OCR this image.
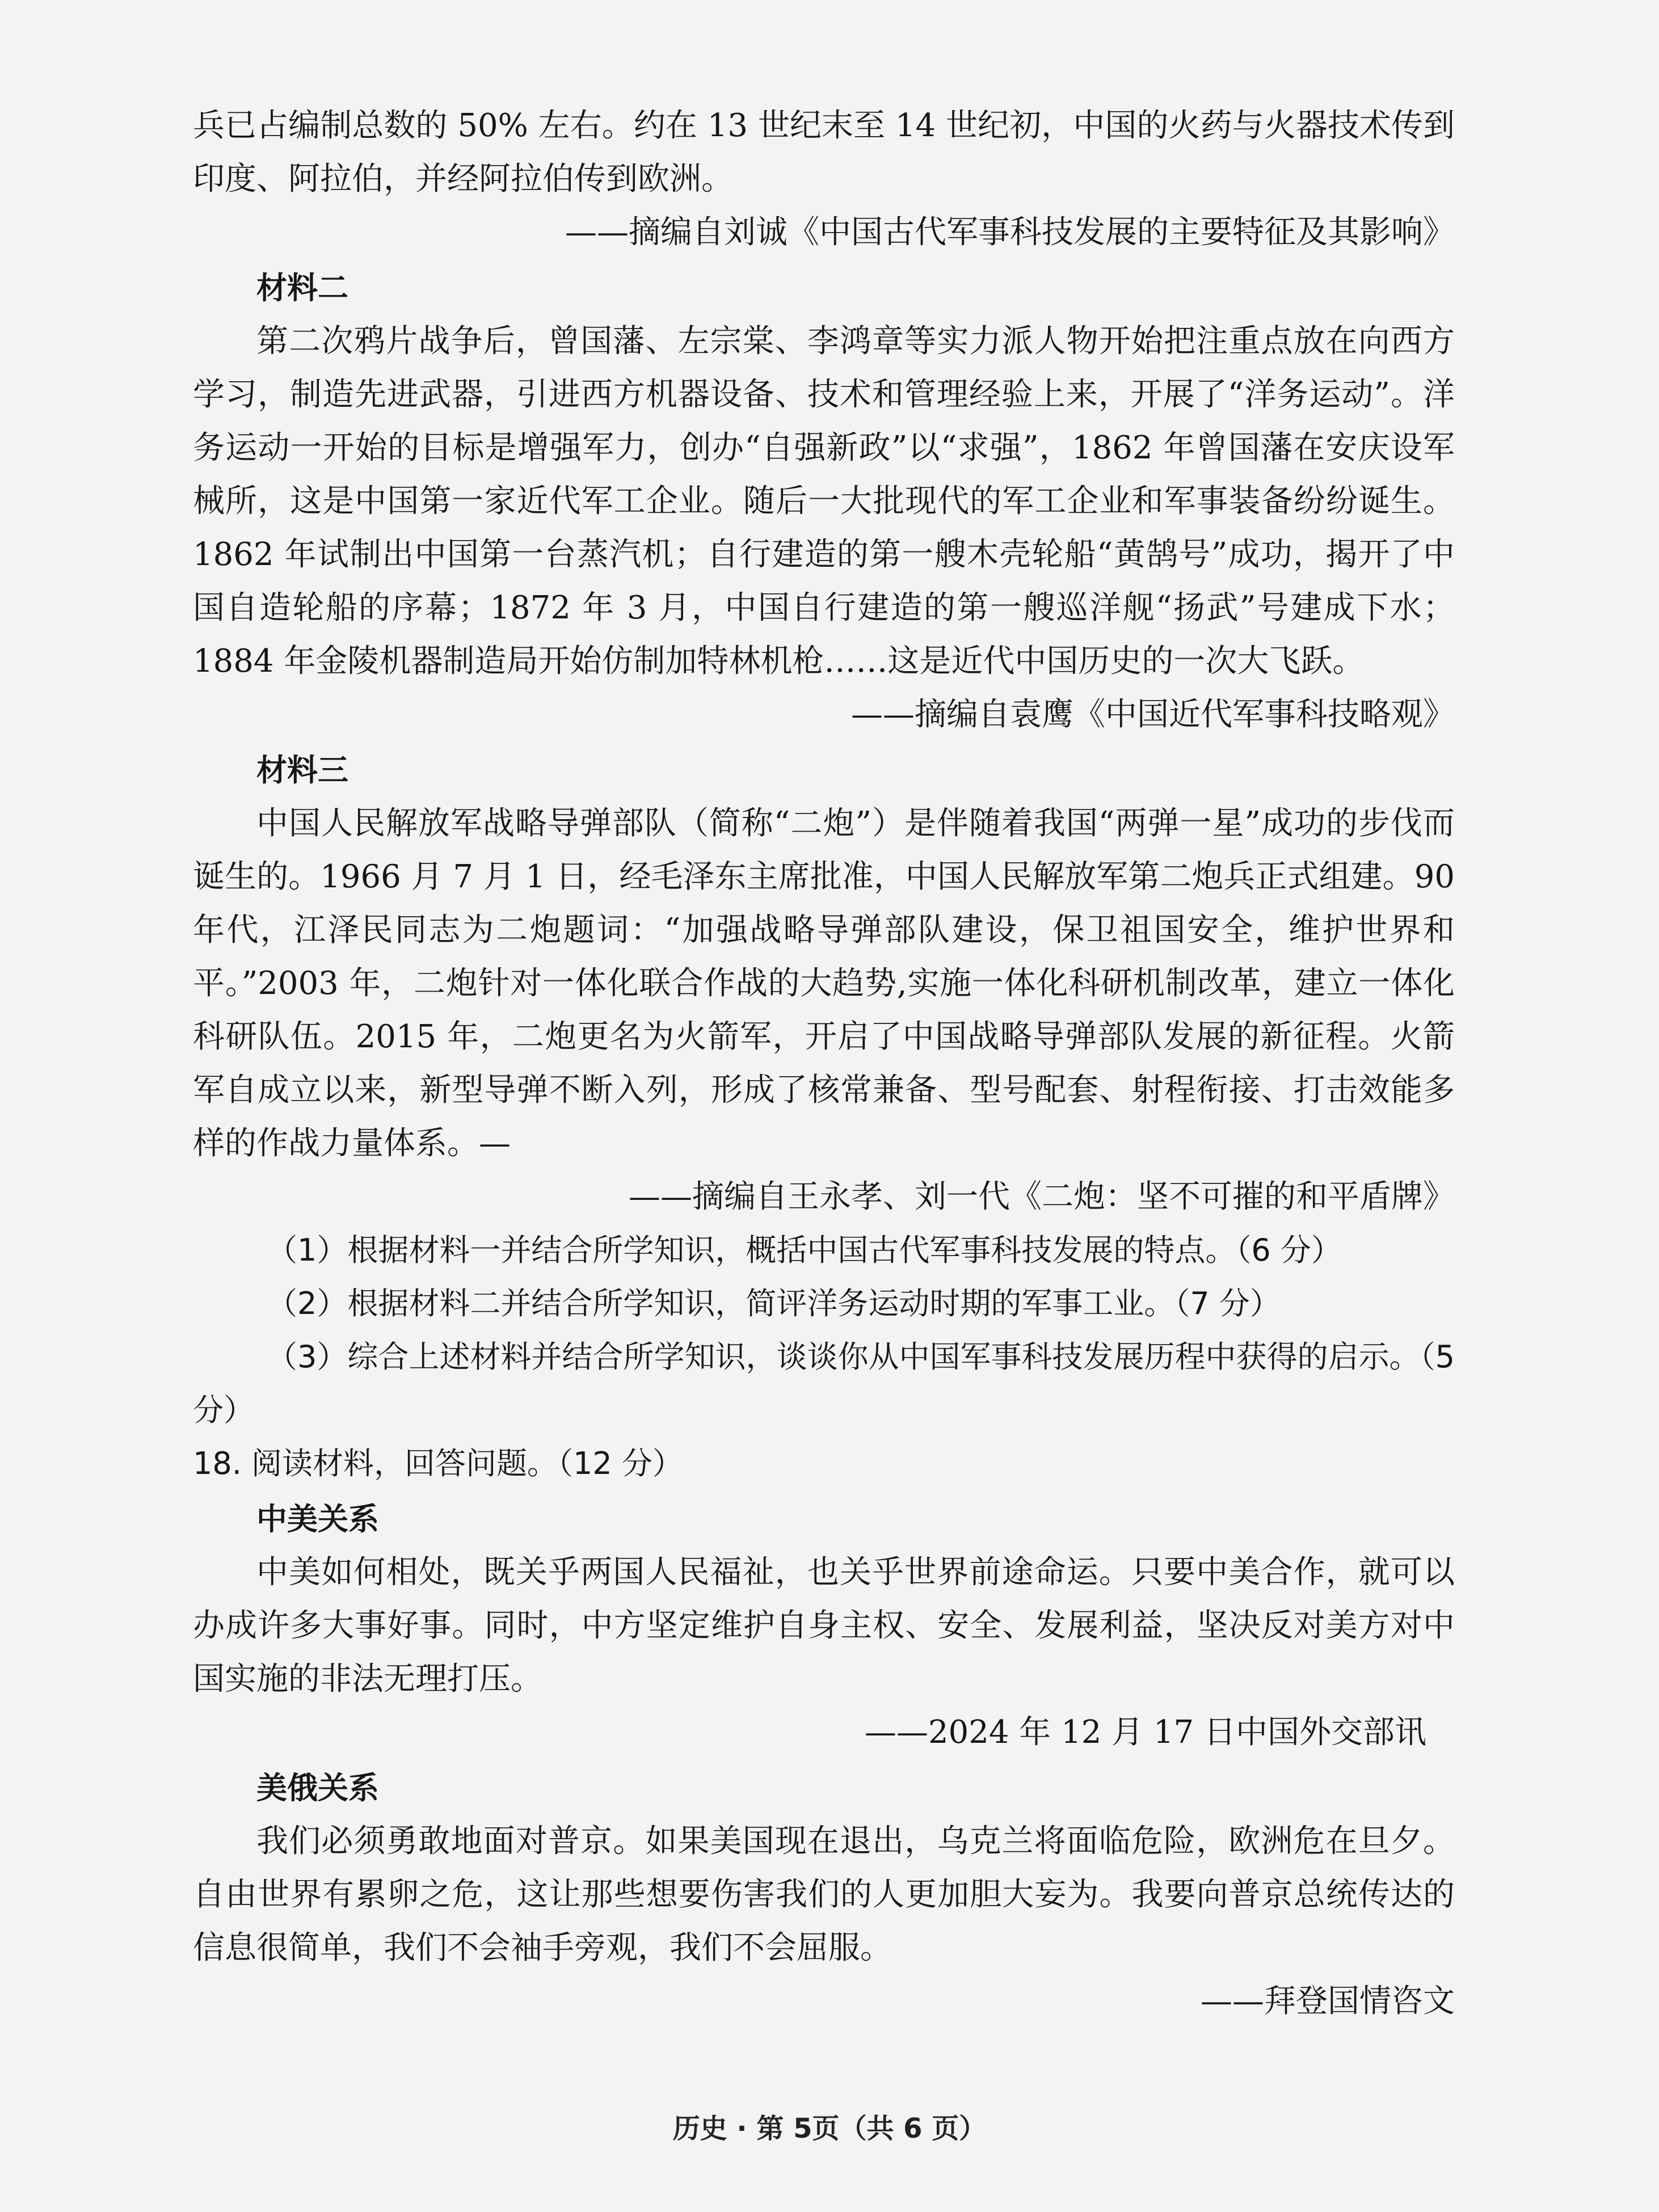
兵已占编制总数的 50% 左右。约在 13 世纪末至 14 世纪初，中国的火药与火器技术传到印度、阿拉伯，并经阿拉伯传到欧洲。

——摘编自刘诚《中国古代军事科技发展的主要特征及其影响》

材料二

第二次鸦片战争后，曾国藩、左宗棠、李鸿章等实力派人物开始把注重点放在向西方学习，制造先进武器，引进西方机器设备、技术和管理经验上来，开展了“洋务运动”。洋务运动一开始的目标是增强军力，创办“自强新政”以“求强”，1862 年曾国藩在安庆设军械所，这是中国第一家近代军工企业。随后一大批现代的军工企业和军事装备纷纷诞生。1862 年试制出中国第一台蒸汽机；自行建造的第一艘木壳轮船“黄鹄号”成功，揭开了中国自造轮船的序幕；1872 年 3 月，中国自行建造的第一艘巡洋舰“扬武”号建成下水；1884 年金陵机器制造局开始仿制加特林机枪……这是近代中国历史的一次大飞跃。

——摘编自袁鹰《中国近代军事科技略观》

材料三

中国人民解放军战略导弹部队（简称“二炮”）是伴随着我国“两弹一星”成功的步伐而诞生的。1966 月 7 月 1 日，经毛泽东主席批准，中国人民解放军第二炮兵正式组建。90 年代，江泽民同志为二炮题词：“加强战略导弹部队建设，保卫祖国安全，维护世界和平。”2003 年，二炮针对一体化联合作战的大趋势,实施一体化科研机制改革，建立一体化科研队伍。2015 年，二炮更名为火箭军，开启了中国战略导弹部队发展的新征程。火箭军自成立以来，新型导弹不断入列，形成了核常兼备、型号配套、射程衔接、打击效能多样的作战力量体系。—

——摘编自王永孝、刘一代《二炮：坚不可摧的和平盾牌》

（1）根据材料一并结合所学知识，概括中国古代军事科技发展的特点。（6 分）

（2）根据材料二并结合所学知识，简评洋务运动时期的军事工业。（7 分）

（3）综合上述材料并结合所学知识，谈谈你从中国军事科技发展历程中获得的启示。（5 分）

18. 阅读材料，回答问题。（12 分）

中美关系

中美如何相处，既关乎两国人民福祉，也关乎世界前途命运。只要中美合作，就可以办成许多大事好事。同时，中方坚定维护自身主权、安全、发展利益，坚决反对美方对中国实施的非法无理打压。

——2024 年 12 月 17 日中国外交部讯

美俄关系

我们必须勇敢地面对普京。如果美国现在退出，乌克兰将面临危险，欧洲危在旦夕。自由世界有累卵之危，这让那些想要伤害我们的人更加胆大妄为。我要向普京总统传达的信息很简单，我们不会袖手旁观，我们不会屈服。

——拜登国情咨文

历史 · 第 5页（共 6 页）
